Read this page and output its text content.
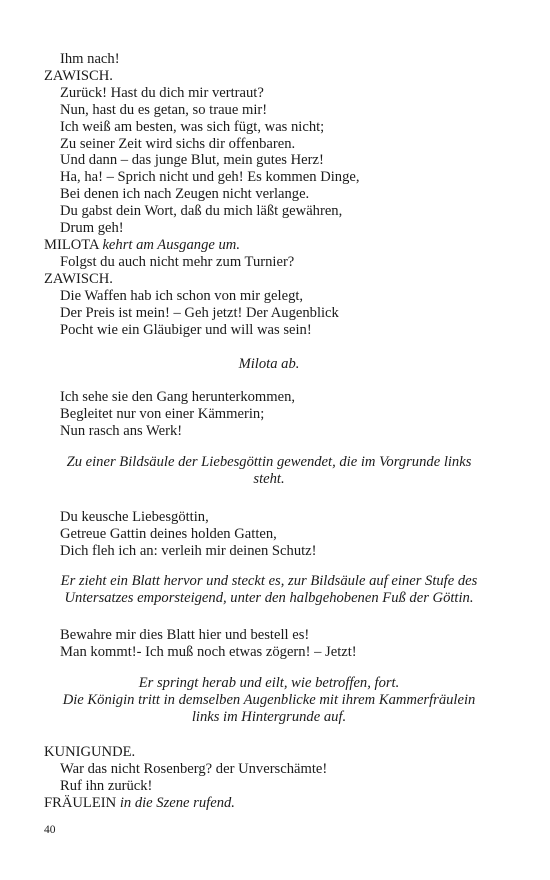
Ihm nach!
ZAWISCH.
Zurück! Hast du dich mir vertraut?
Nun, hast du es getan, so traue mir!
Ich weiß am besten, was sich fügt, was nicht;
Zu seiner Zeit wird sichs dir offenbaren.
Und dann – das junge Blut, mein gutes Herz!
Ha, ha! – Sprich nicht und geh! Es kommen Dinge,
Bei denen ich nach Zeugen nicht verlange.
Du gabst dein Wort, daß du mich läßt gewähren,
Drum geh!
MILOTA kehrt am Ausgange um.
Folgst du auch nicht mehr zum Turnier?
ZAWISCH.
Die Waffen hab ich schon von mir gelegt,
Der Preis ist mein! – Geh jetzt! Der Augenblick
Pocht wie ein Gläubiger und will was sein!
Milota ab.
Ich sehe sie den Gang herunterkommen,
Begleitet nur von einer Kämmerin;
Nun rasch ans Werk!
Zu einer Bildsäule der Liebesgöttin gewendet, die im Vorgrunde links
steht.
Du keusche Liebesgöttin,
Getreue Gattin deines holden Gatten,
Dich fleh ich an: verleih mir deinen Schutz!
Er zieht ein Blatt hervor und steckt es, zur Bildsäule auf einer Stufe des
Untersatzes emporsteigend, unter den halbgehobenen Fuß der Göttin.
Bewahre mir dies Blatt hier und bestell es!
Man kommt!- Ich muß noch etwas zögern! – Jetzt!
Er springt herab und eilt, wie betroffen, fort.
Die Königin tritt in demselben Augenblicke mit ihrem Kammerfräulein
links im Hintergrunde auf.
KUNIGUNDE.
War das nicht Rosenberg? der Unverschämte!
Ruf ihn zurück!
FRÄULEIN in die Szene rufend.
40
